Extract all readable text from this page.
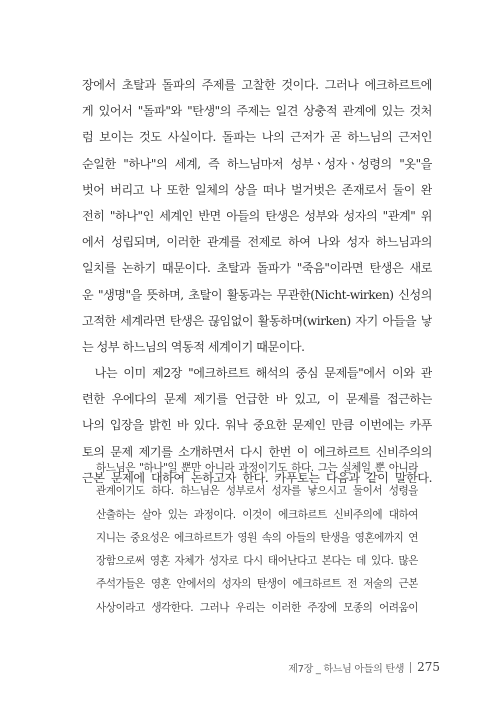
장에서 초탈과 돌파의 주제를 고찰한 것이다. 그러나 에크하르트에
게 있어서 "돌파"와 "탄생"의 주제는 일견 상충적 관계에 있는 것처
럼 보이는 것도 사실이다. 돌파는 나의 근저가 곧 하느님의 근저인
순일한 "하나"의 세계, 즉 하느님마저 성부ㆍ성자ㆍ성령의 "옷"을
벗어 버리고 나 또한 일체의 상을 떠나 벌거벗은 존재로서 둘이 완
전히 "하나"인 세계인 반면 아들의 탄생은 성부와 성자의 "관계" 위
에서 성립되며, 이러한 관계를 전제로 하여 나와 성자 하느님과의
일치를 논하기 때문이다. 초탈과 돌파가 "죽음"이라면 탄생은 새로
운 "생명"을 뜻하며, 초탈이 활동과는 무관한(Nicht-wirken) 신성의
고적한 세계라면 탄생은 끊임없이 활동하며(wirken) 자기 아들을 낳
는 성부 하느님의 역동적 세계이기 때문이다.
나는 이미 제2장 "에크하르트 해석의 중심 문제들"에서 이와 관
련한 우에다의 문제 제기를 언급한 바 있고, 이 문제를 접근하는
나의 입장을 밝힌 바 있다. 워낙 중요한 문제인 만큼 이번에는 카푸
토의 문제 제기를 소개하면서 다시 한번 이 에크하르트 신비주의의
근본 문제에 대하여 논하고자 한다. 카푸토는 다음과 같이 말한다.
하느님은 "하나"일 뿐만 아니라 과정이기도 하다. 그는 실체일 뿐 아니라
관계이기도 하다. 하느님은 성부로서 성자를 낳으시고 둘이서 성령을
산출하는 살아 있는 과정이다. 이것이 에크하르트 신비주의에 대하여
지니는 중요성은 에크하르트가 영원 속의 아들의 탄생을 영혼에까지 연
장함으로써 영혼 자체가 성자로 다시 태어난다고 본다는 데 있다. 많은
주석가들은 영혼 안에서의 성자의 탄생이 에크하르트 전 저술의 근본
사상이라고 생각한다. 그러나 우리는 이러한 주장에 모종의 어려움이
제7장 _ 하느님 아들의 탄생 275
